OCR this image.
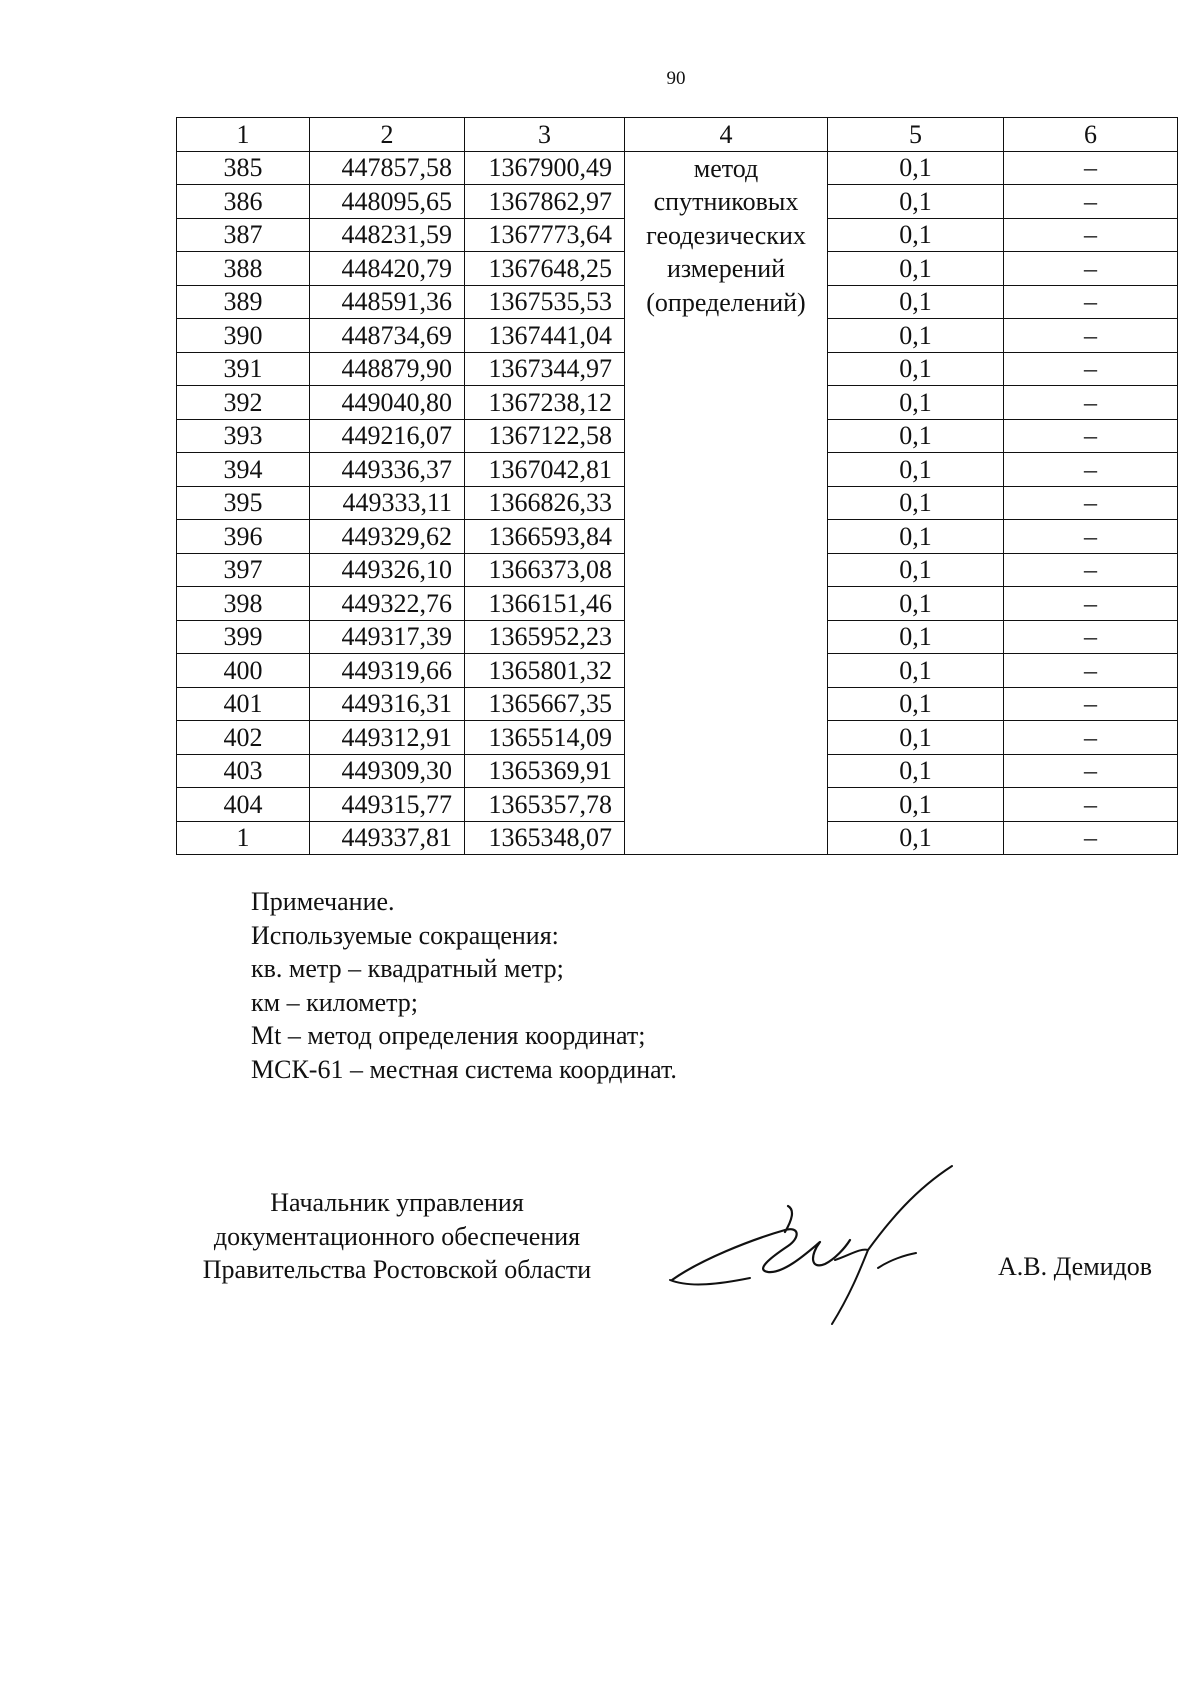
90
1	2	3	4	5	6
385	447857,58	1367900,49	метод спутниковых геодезических измерений (определений)	0,1	–
386	448095,65	1367862,97		0,1	–
387	448231,59	1367773,64		0,1	–
388	448420,79	1367648,25		0,1	–
389	448591,36	1367535,53		0,1	–
390	448734,69	1367441,04		0,1	–
391	448879,90	1367344,97		0,1	–
392	449040,80	1367238,12		0,1	–
393	449216,07	1367122,58		0,1	–
394	449336,37	1367042,81		0,1	–
395	449333,11	1366826,33		0,1	–
396	449329,62	1366593,84		0,1	–
397	449326,10	1366373,08		0,1	–
398	449322,76	1366151,46		0,1	–
399	449317,39	1365952,23		0,1	–
400	449319,66	1365801,32		0,1	–
401	449316,31	1365667,35		0,1	–
402	449312,91	1365514,09		0,1	–
403	449309,30	1365369,91		0,1	–
404	449315,77	1365357,78		0,1	–
1	449337,81	1365348,07		0,1	–
Примечание.
Используемые сокращения:
кв. метр – квадратный метр;
км – километр;
Mt – метод определения координат;
МСК-61 – местная система координат.
Начальник управления
документационного обеспечения
Правительства Ростовской области	А.В. Демидов
